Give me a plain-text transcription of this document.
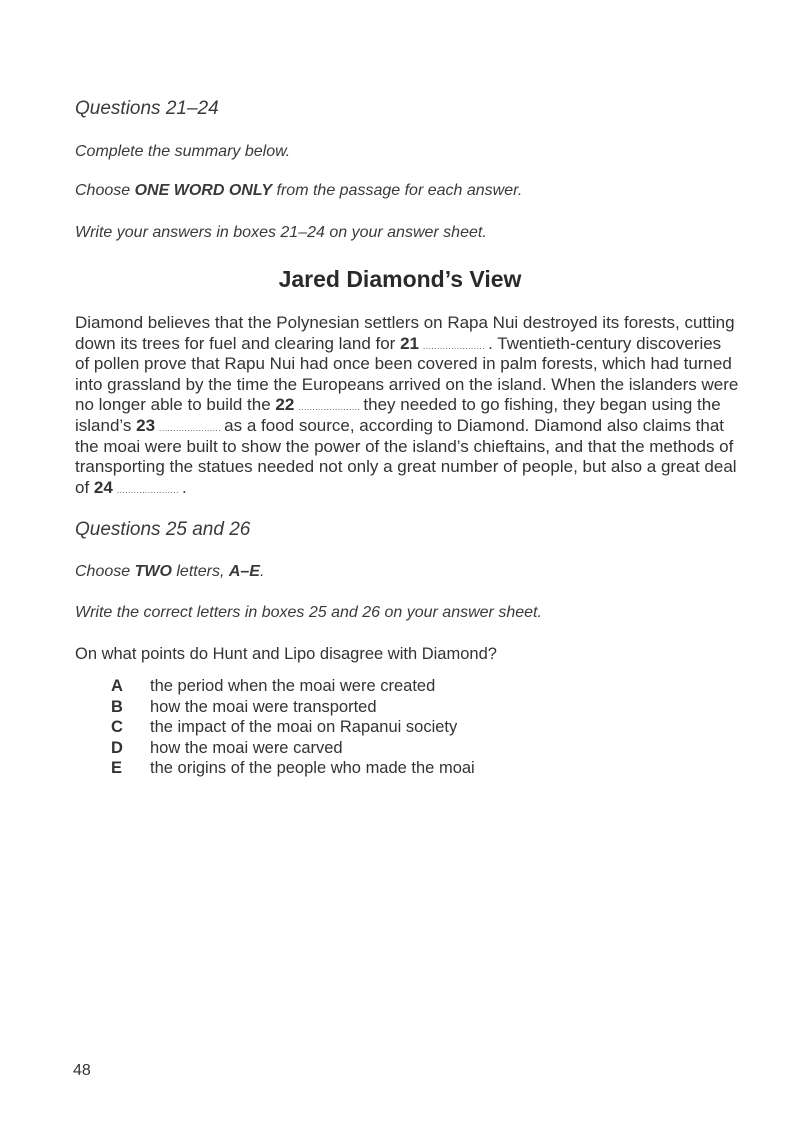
Questions 21–24
Complete the summary below.
Choose ONE WORD ONLY from the passage for each answer.
Write your answers in boxes 21–24 on your answer sheet.
Jared Diamond’s View
Diamond believes that the Polynesian settlers on Rapa Nui destroyed its forests, cutting
down its trees for fuel and clearing land for 21 ...................... . Twentieth-century discoveries
of pollen prove that Rapu Nui had once been covered in palm forests, which had turned
into grassland by the time the Europeans arrived on the island. When the islanders were
no longer able to build the 22 ...................... they needed to go fishing, they began using the
island’s 23 ...................... as a food source, according to Diamond. Diamond also claims that
the moai were built to show the power of the island’s chieftains, and that the methods of
transporting the statues needed not only a great number of people, but also a great deal
of 24 ...................... .
Questions 25 and 26
Choose TWO letters, A–E.
Write the correct letters in boxes 25 and 26 on your answer sheet.
On what points do Hunt and Lipo disagree with Diamond?
A	the period when the moai were created
B	how the moai were transported
C	the impact of the moai on Rapanui society
D	how the moai were carved
E	the origins of the people who made the moai
48
